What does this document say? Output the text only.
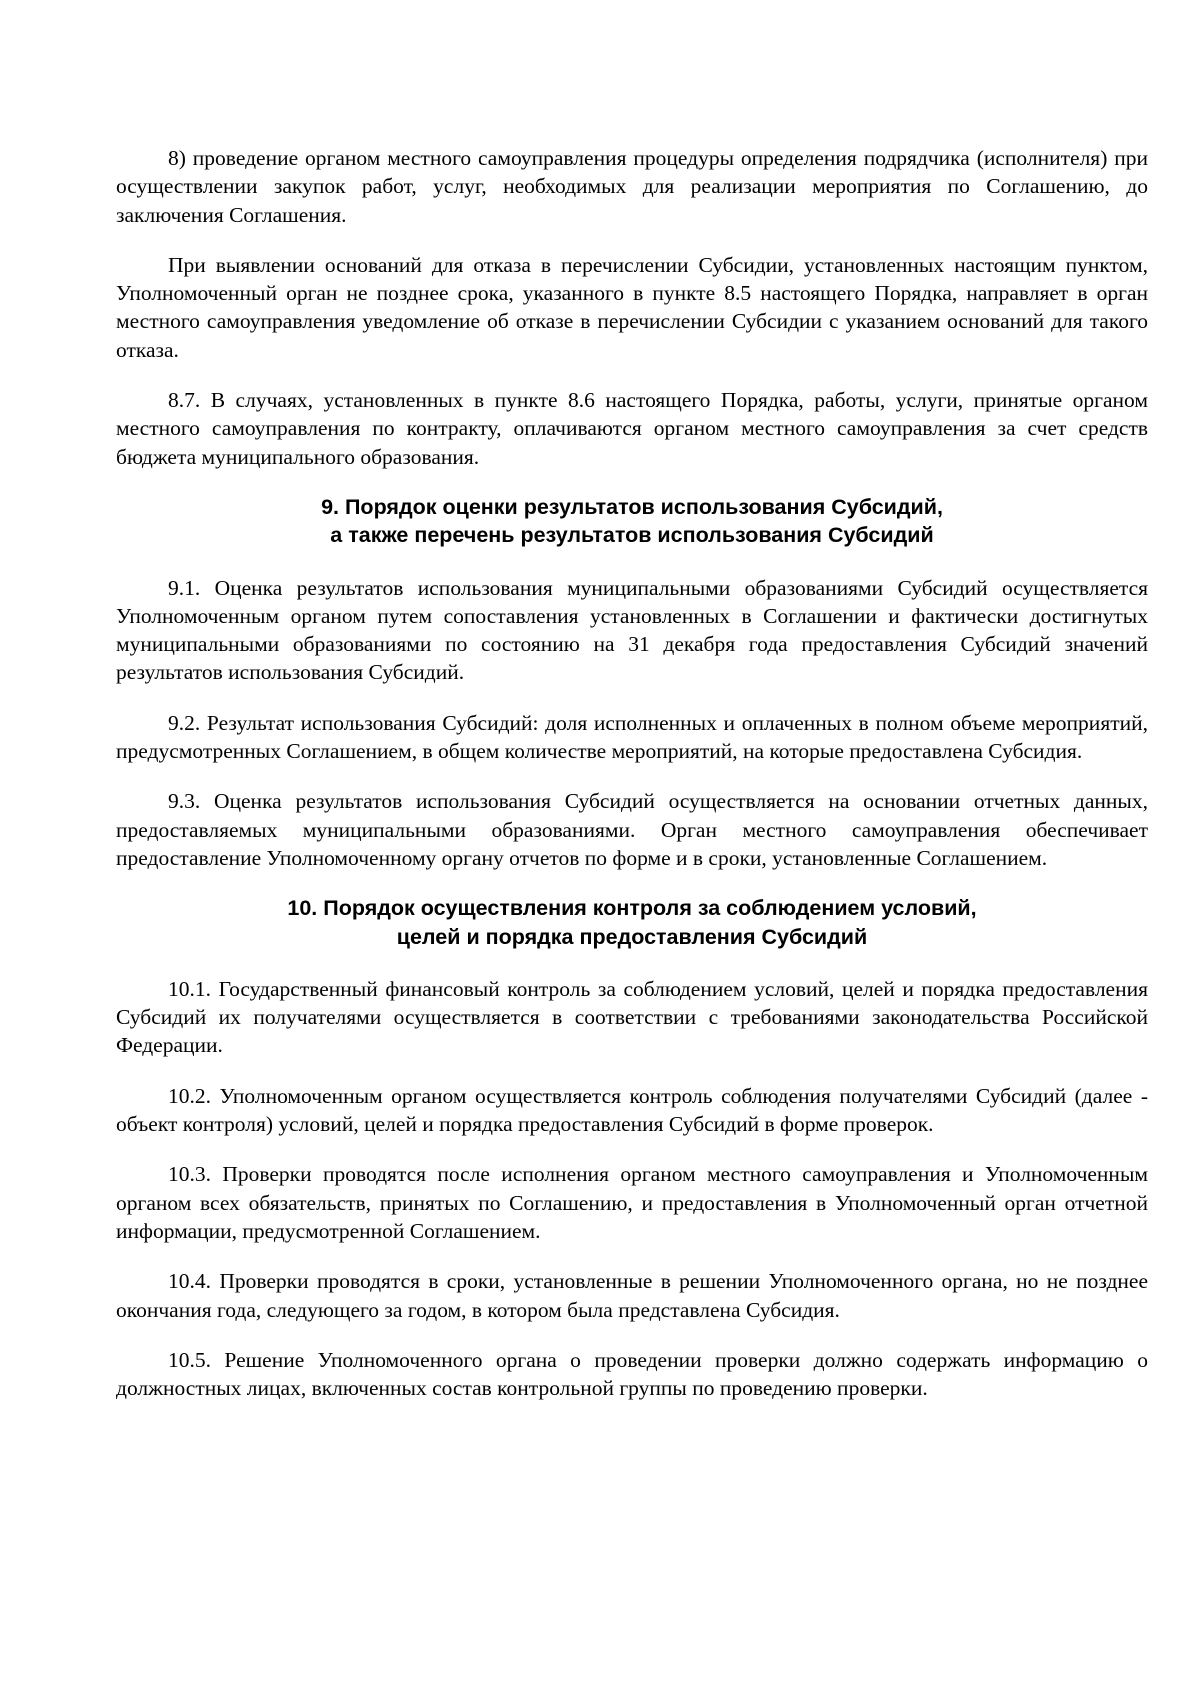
8) проведение органом местного самоуправления процедуры определения подрядчика (исполнителя) при осуществлении закупок работ, услуг, необходимых для реализации мероприятия по Соглашению, до заключения Соглашения.

При выявлении оснований для отказа в перечислении Субсидии, установленных настоящим пунктом, Уполномоченный орган не позднее срока, указанного в пункте 8.5 настоящего Порядка, направляет в орган местного самоуправления уведомление об отказе в перечислении Субсидии с указанием оснований для такого отказа.

8.7. В случаях, установленных в пункте 8.6 настоящего Порядка, работы, услуги, принятые органом местного самоуправления по контракту, оплачиваются органом местного самоуправления за счет средств бюджета муниципального образования.

9. Порядок оценки результатов использования Субсидий,
а также перечень результатов использования Субсидий

9.1. Оценка результатов использования муниципальными образованиями Субсидий осуществляется Уполномоченным органом путем сопоставления установленных в Соглашении и фактически достигнутых муниципальными образованиями по состоянию на 31 декабря года предоставления Субсидий значений результатов использования Субсидий.

9.2. Результат использования Субсидий: доля исполненных и оплаченных в полном объеме мероприятий, предусмотренных Соглашением, в общем количестве мероприятий, на которые предоставлена Субсидия.

9.3. Оценка результатов использования Субсидий осуществляется на основании отчетных данных, предоставляемых муниципальными образованиями. Орган местного самоуправления обеспечивает предоставление Уполномоченному органу отчетов по форме и в сроки, установленные Соглашением.

10. Порядок осуществления контроля за соблюдением условий,
целей и порядка предоставления Субсидий

10.1. Государственный финансовый контроль за соблюдением условий, целей и порядка предоставления Субсидий их получателями осуществляется в соответствии с требованиями законодательства Российской Федерации.

10.2. Уполномоченным органом осуществляется контроль соблюдения получателями Субсидий (далее - объект контроля) условий, целей и порядка предоставления Субсидий в форме проверок.

10.3. Проверки проводятся после исполнения органом местного самоуправления и Уполномоченным органом всех обязательств, принятых по Соглашению, и предоставления в Уполномоченный орган отчетной информации, предусмотренной Соглашением.

10.4. Проверки проводятся в сроки, установленные в решении Уполномоченного органа, но не позднее окончания года, следующего за годом, в котором была представлена Субсидия.

10.5. Решение Уполномоченного органа о проведении проверки должно содержать информацию о должностных лицах, включенных состав контрольной группы по проведению проверки.
